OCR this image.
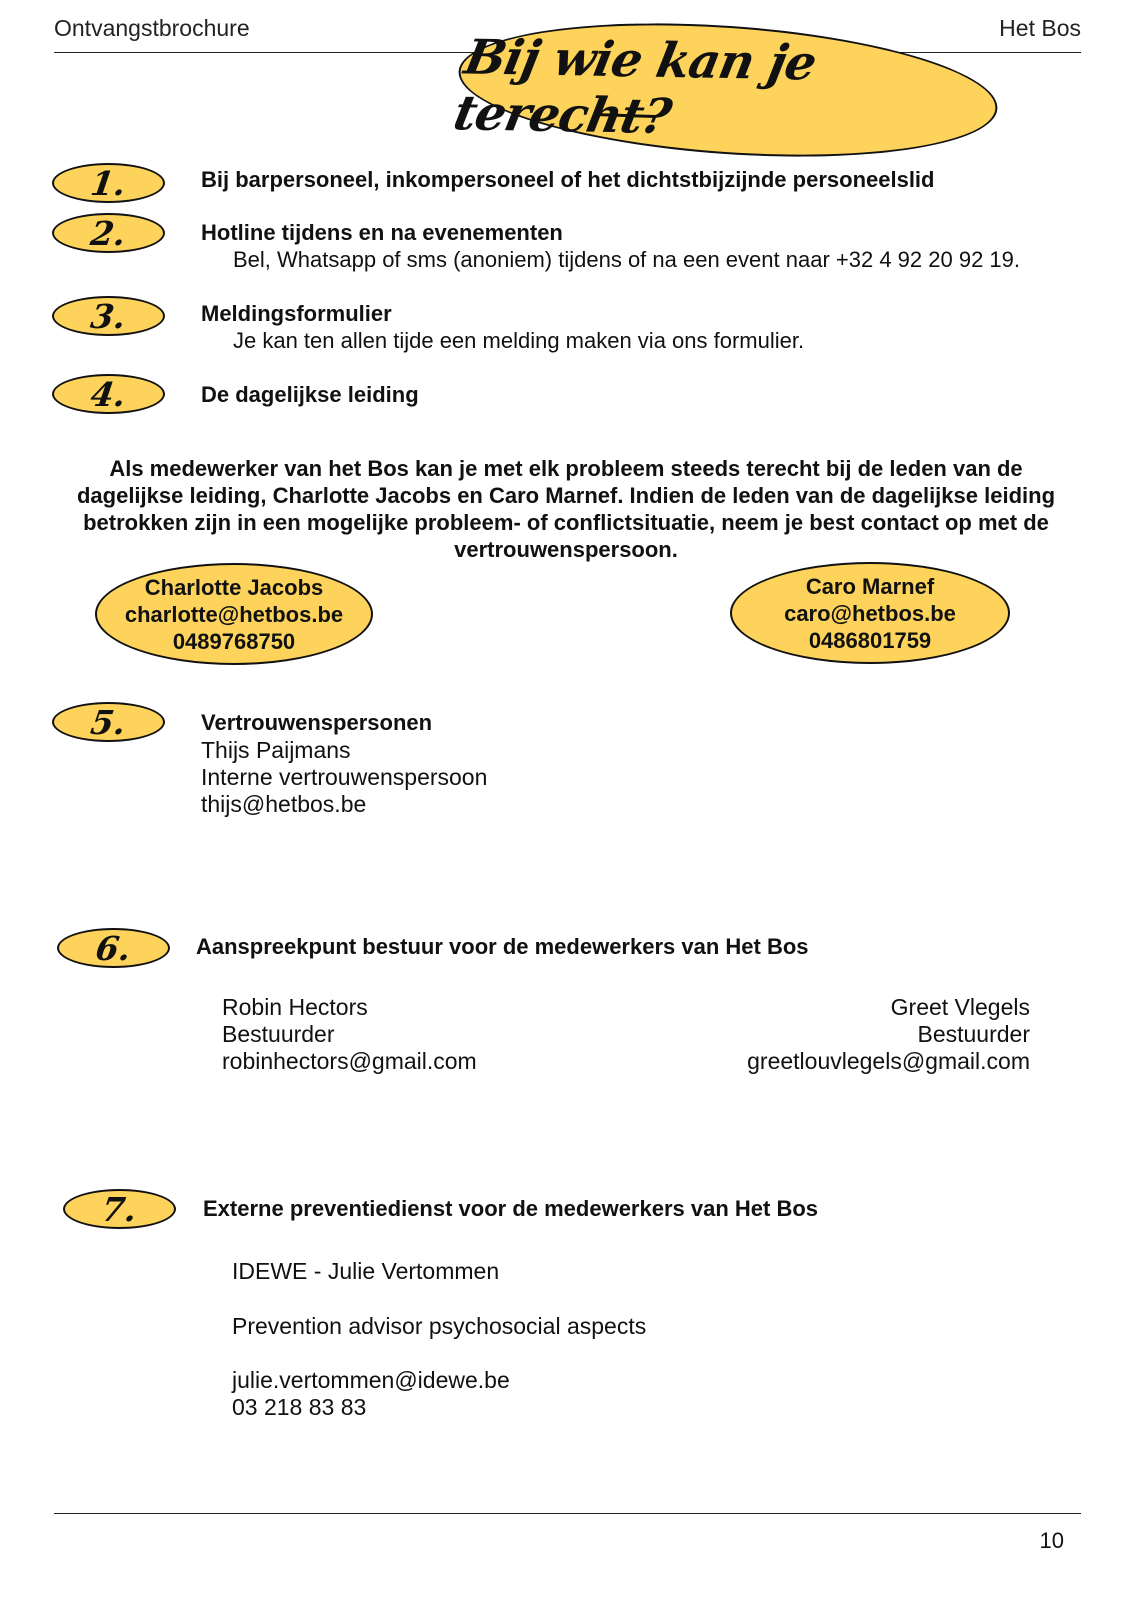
Ontvangstbrochure	Het Bos
Bij wie kan je terecht?
1.	Bij barpersoneel, inkompersoneel of het dichtstbijzijnde personeelslid
2.	Hotline tijdens en na evenementen
Bel, Whatsapp of sms (anoniem) tijdens of na een event naar +32 4 92 20 92 19.
3.	Meldingsformulier
Je kan ten allen tijde een melding maken via ons formulier.
4.	De dagelijkse leiding
Als medewerker van het Bos kan je met elk probleem steeds terecht bij de leden van de dagelijkse leiding, Charlotte Jacobs en Caro Marnef. Indien de leden van de dagelijkse leiding betrokken zijn in een mogelijke probleem- of conflictsituatie, neem je best contact op met de vertrouwenspersoon.
Charlotte Jacobs
charlotte@hetbos.be
0489768750
Caro Marnef
caro@hetbos.be
0486801759
5.	Vertrouwenspersonen
Thijs Paijmans
Interne vertrouwenspersoon
thijs@hetbos.be
6.	Aanspreekpunt bestuur voor de medewerkers van Het Bos
Robin Hectors
Bestuurder
robinhectors@gmail.com
Greet Vlegels
Bestuurder
greetlouvlegels@gmail.com
7.	Externe preventiedienst voor de medewerkers van Het Bos
IDEWE - Julie Vertommen
Prevention advisor psychosocial aspects
julie.vertommen@idewe.be
03 218 83 83
10
